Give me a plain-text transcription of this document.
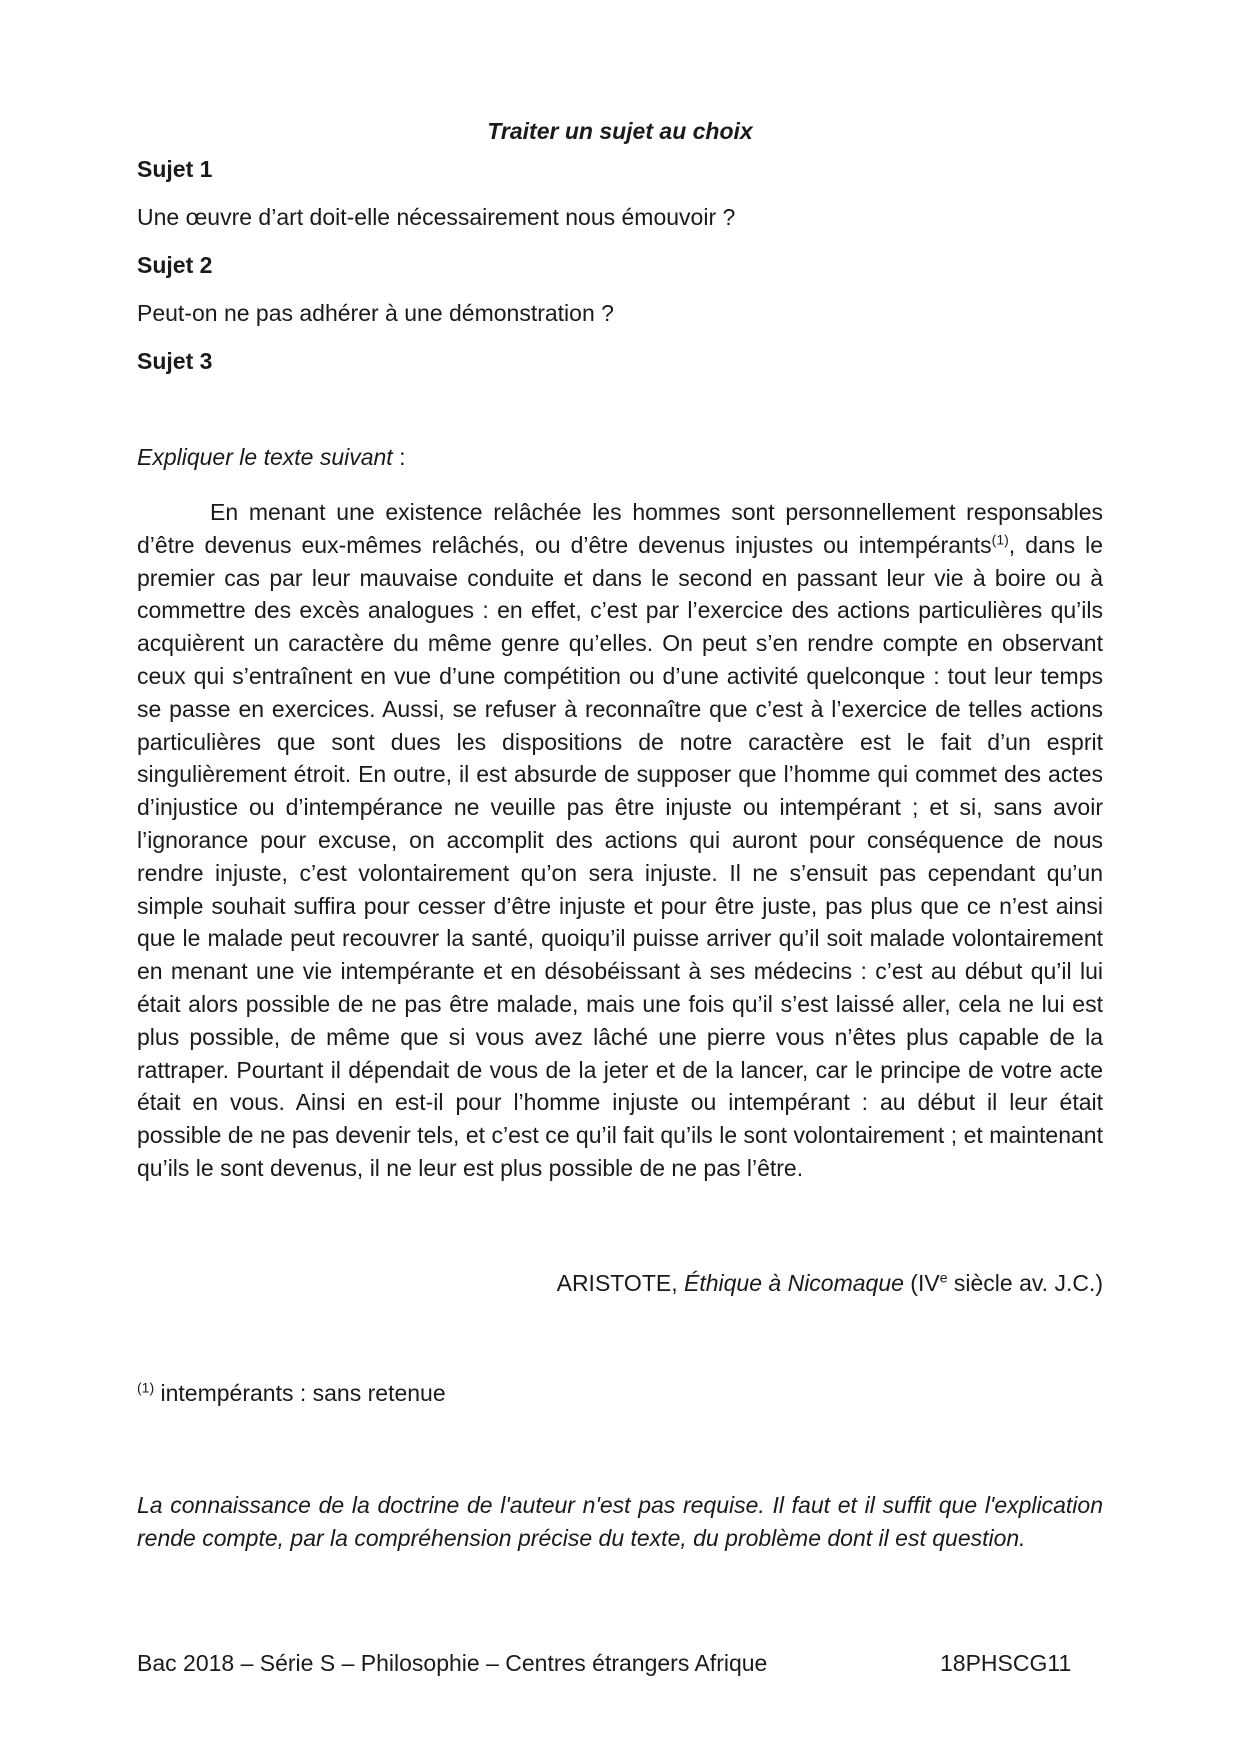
Traiter un sujet au choix
Sujet 1
Une œuvre d’art doit-elle nécessairement nous émouvoir ?
Sujet 2
Peut-on ne pas adhérer à une démonstration ?
Sujet 3
Expliquer le texte suivant :

En menant une existence relâchée les hommes sont personnellement responsables d’être devenus eux-mêmes relâchés, ou d’être devenus injustes ou intempérants$^{(1)}$, dans le premier cas par leur mauvaise conduite et dans le second en passant leur vie à boire ou à commettre des excès analogues : en effet, c’est par l’exercice des actions particulières qu’ils acquièrent un caractère du même genre qu’elles. On peut s’en rendre compte en observant ceux qui s’entraînent en vue d’une compétition ou d’une activité quelconque : tout leur temps se passe en exercices. Aussi, se refuser à reconnaître que c’est à l’exercice de telles actions particulières que sont dues les dispositions de notre caractère est le fait d’un esprit singulièrement étroit. En outre, il est absurde de supposer que l’homme qui commet des actes d’injustice ou d’intempérance ne veuille pas être injuste ou intempérant ; et si, sans avoir l’ignorance pour excuse, on accomplit des actions qui auront pour conséquence de nous rendre injuste, c’est volontairement qu’on sera injuste. Il ne s’ensuit pas cependant qu’un simple souhait suffira pour cesser d’être injuste et pour être juste, pas plus que ce n’est ainsi que le malade peut recouvrer la santé, quoiqu’il puisse arriver qu’il soit malade volontairement en menant une vie intempérante et en désobéissant à ses médecins : c’est au début qu’il lui était alors possible de ne pas être malade, mais une fois qu’il s’est laissé aller, cela ne lui est plus possible, de même que si vous avez lâché une pierre vous n’êtes plus capable de la rattraper. Pourtant il dépendait de vous de la jeter et de la lancer, car le principe de votre acte était en vous. Ainsi en est-il pour l’homme injuste ou intempérant : au début il leur était possible de ne pas devenir tels, et c’est ce qu’il fait qu’ils le sont volontairement ; et maintenant qu’ils le sont devenus, il ne leur est plus possible de ne pas l’être.

ARISTOTE, Éthique à Nicomaque (IVe siècle av. J.C.)
$^{(1)}$ intempérants : sans retenue

La connaissance de la doctrine de l'auteur n'est pas requise. Il faut et il suffit que l'explication rende compte, par la compréhension précise du texte, du problème dont il est question.

Bac 2018 – Série S – Philosophie – Centres étrangers Afrique	18PHSCG11
